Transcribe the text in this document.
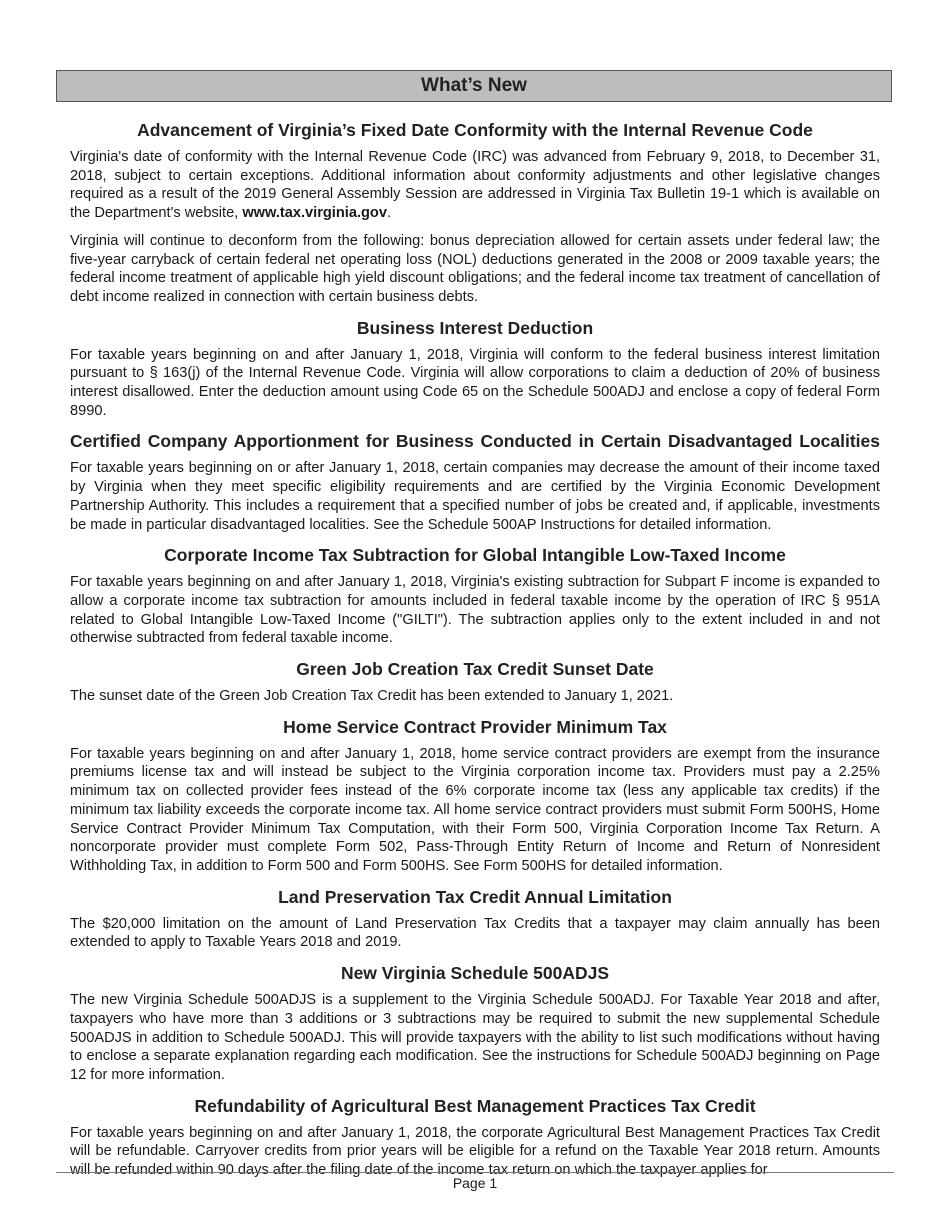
What’s New
Advancement of Virginia’s Fixed Date Conformity with the Internal Revenue Code

Virginia's date of conformity with the Internal Revenue Code (IRC) was advanced from February 9, 2018, to December 31, 2018, subject to certain exceptions. Additional information about conformity adjustments and other legislative changes required as a result of the 2019 General Assembly Session are addressed in Virginia Tax Bulletin 19-1 which is available on the Department's website, www.tax.virginia.gov.

Virginia will continue to deconform from the following: bonus depreciation allowed for certain assets under federal law; the five-year carryback of certain federal net operating loss (NOL) deductions generated in the 2008 or 2009 taxable years; the federal income treatment of applicable high yield discount obligations; and the federal income tax treatment of cancellation of debt income realized in connection with certain business debts.

Business Interest Deduction

For taxable years beginning on and after January 1, 2018, Virginia will conform to the federal business interest limitation pursuant to § 163(j) of the Internal Revenue Code. Virginia will allow corporations to claim a deduction of 20% of business interest disallowed. Enter the deduction amount using Code 65 on the Schedule 500ADJ and enclose a copy of federal Form 8990.

Certified Company Apportionment for Business Conducted in Certain Disadvantaged Localities

For taxable years beginning on or after January 1, 2018, certain companies may decrease the amount of their income taxed by Virginia when they meet specific eligibility requirements and are certified by the Virginia Economic Development Partnership Authority. This includes a requirement that a specified number of jobs be created and, if applicable, investments be made in particular disadvantaged localities. See the Schedule 500AP Instructions for detailed information.

Corporate Income Tax Subtraction for Global Intangible Low-Taxed Income

For taxable years beginning on and after January 1, 2018, Virginia's existing subtraction for Subpart F income is expanded to allow a corporate income tax subtraction for amounts included in federal taxable income by the operation of IRC § 951A related to Global Intangible Low-Taxed Income ("GILTI"). The subtraction applies only to the extent included in and not otherwise subtracted from federal taxable income.

Green Job Creation Tax Credit Sunset Date

The sunset date of the Green Job Creation Tax Credit has been extended to January 1, 2021.

Home Service Contract Provider Minimum Tax

For taxable years beginning on and after January 1, 2018, home service contract providers are exempt from the insurance premiums license tax and will instead be subject to the Virginia corporation income tax. Providers must pay a 2.25% minimum tax on collected provider fees instead of the 6% corporate income tax (less any applicable tax credits) if the minimum tax liability exceeds the corporate income tax. All home service contract providers must submit Form 500HS, Home Service Contract Provider Minimum Tax Computation, with their Form 500, Virginia Corporation Income Tax Return. A noncorporate provider must complete Form 502, Pass-Through Entity Return of Income and Return of Nonresident Withholding Tax, in addition to Form 500 and Form 500HS. See Form 500HS for detailed information.

Land Preservation Tax Credit Annual Limitation

The $20,000 limitation on the amount of Land Preservation Tax Credits that a taxpayer may claim annually has been extended to apply to Taxable Years 2018 and 2019.

New Virginia Schedule 500ADJS

The new Virginia Schedule 500ADJS is a supplement to the Virginia Schedule 500ADJ. For Taxable Year 2018 and after, taxpayers who have more than 3 additions or 3 subtractions may be required to submit the new supplemental Schedule 500ADJS in addition to Schedule 500ADJ. This will provide taxpayers with the ability to list such modifications without having to enclose a separate explanation regarding each modification. See the instructions for Schedule 500ADJ beginning on Page 12 for more information.

Refundability of Agricultural Best Management Practices Tax Credit

For taxable years beginning on and after January 1, 2018, the corporate Agricultural Best Management Practices Tax Credit will be refundable. Carryover credits from prior years will be eligible for a refund on the Taxable Year 2018 return. Amounts will be refunded within 90 days after the filing date of the income tax return on which the taxpayer applies for

Page 1
